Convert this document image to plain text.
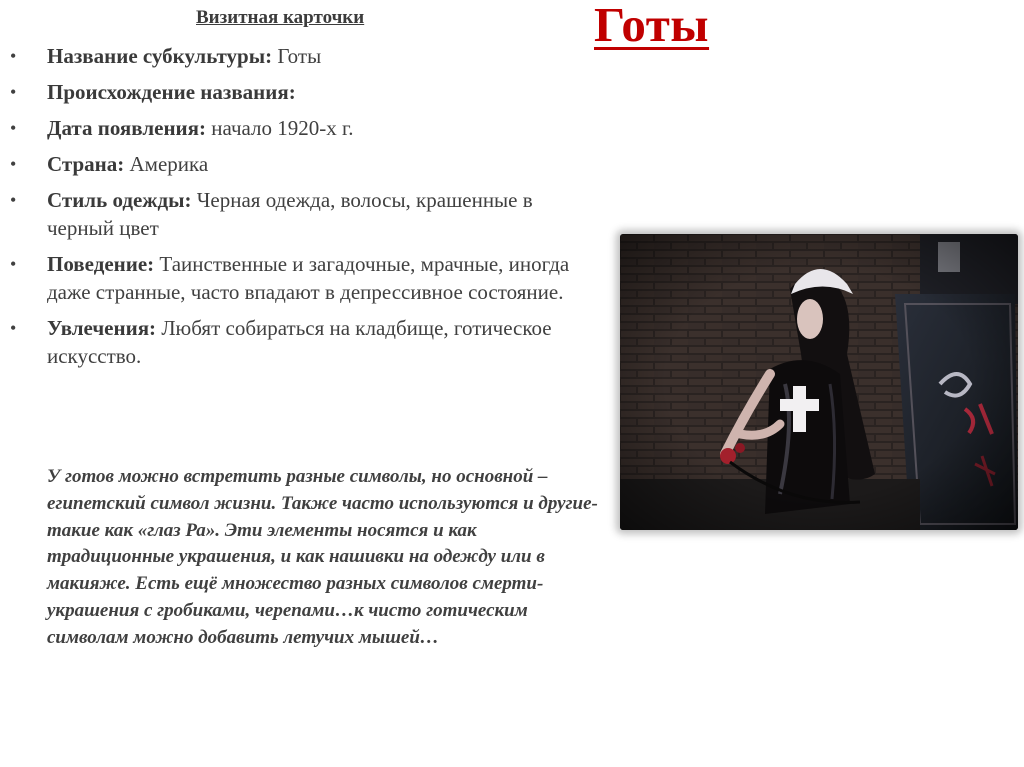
Визитная карточки	Готы
• Название субкультуры: Готы
• Происхождение названия:
• Дата появления: начало 1920-х г.
• Страна: Америка
• Стиль одежды: Черная одежда, волосы, крашенные в черный цвет
• Поведение: Таинственные и загадочные, мрачные, иногда даже странные, часто впадают в депрессивное состояние.
• Увлечения: Любят собираться на кладбище, готическое искусство.
У готов можно встретить разные символы, но основной – египетский символ жизни. Также часто используются и другие- такие как «глаз Ра». Эти элементы носятся и как традиционные украшения, и как нашивки на одежду или в макияже. Есть ещё множество разных символов смерти- украшения с гробиками, черепами…к чисто готическим символам можно добавить летучих мышей…
